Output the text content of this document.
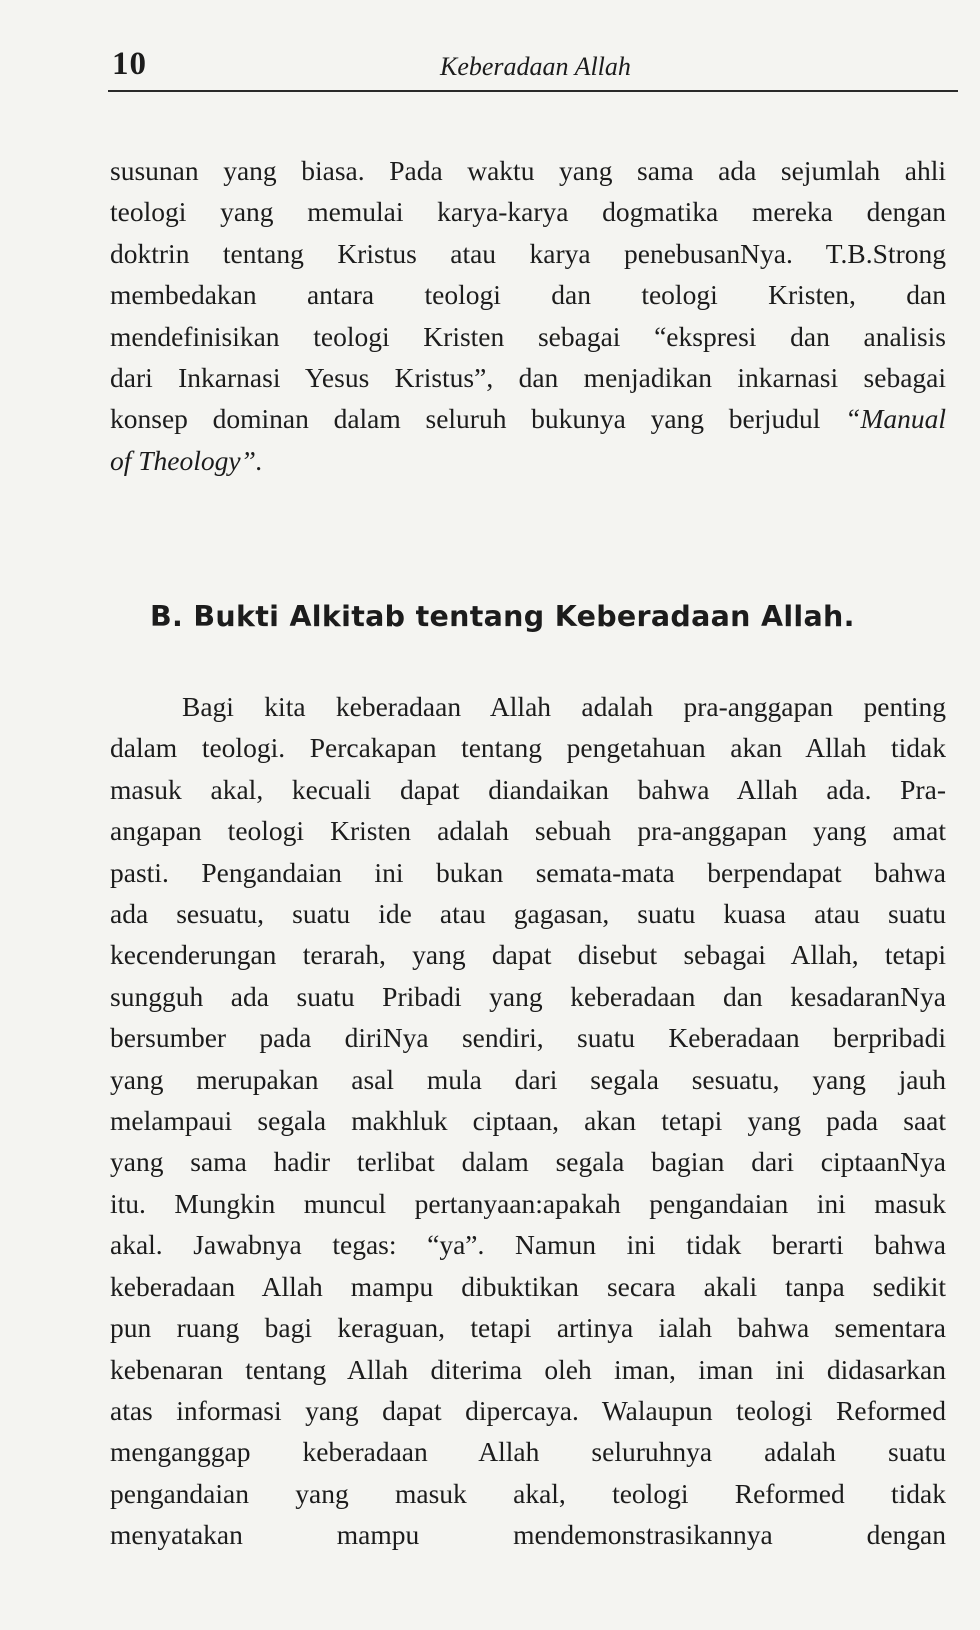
10	Keberadaan Allah
susunan yang biasa. Pada waktu yang sama ada sejumlah ahli
teologi yang memulai karya-karya dogmatika mereka dengan
doktrin tentang Kristus atau karya penebusanNya. T.B.Strong
membedakan antara teologi dan teologi Kristen, dan
mendefinisikan teologi Kristen sebagai “ekspresi dan analisis
dari Inkarnasi Yesus Kristus”, dan menjadikan inkarnasi sebagai
konsep dominan dalam seluruh bukunya yang berjudul “Manual
of Theology”.
B. Bukti Alkitab tentang Keberadaan Allah.
Bagi kita keberadaan Allah adalah pra-anggapan penting
dalam teologi. Percakapan tentang pengetahuan akan Allah tidak
masuk akal, kecuali dapat diandaikan bahwa Allah ada. Pra-
angapan teologi Kristen adalah sebuah pra-anggapan yang amat
pasti. Pengandaian ini bukan semata-mata berpendapat bahwa
ada sesuatu, suatu ide atau gagasan, suatu kuasa atau suatu
kecenderungan terarah, yang dapat disebut sebagai Allah, tetapi
sungguh ada suatu Pribadi yang keberadaan dan kesadaranNya
bersumber pada diriNya sendiri, suatu Keberadaan berpribadi
yang merupakan asal mula dari segala sesuatu, yang jauh
melampaui segala makhluk ciptaan, akan tetapi yang pada saat
yang sama hadir terlibat dalam segala bagian dari ciptaanNya
itu. Mungkin muncul pertanyaan:apakah pengandaian ini masuk
akal. Jawabnya tegas: “ya”. Namun ini tidak berarti bahwa
keberadaan Allah mampu dibuktikan secara akali tanpa sedikit
pun ruang bagi keraguan, tetapi artinya ialah bahwa sementara
kebenaran tentang Allah diterima oleh iman, iman ini didasarkan
atas informasi yang dapat dipercaya. Walaupun teologi Reformed
menganggap keberadaan Allah seluruhnya adalah suatu
pengandaian yang masuk akal, teologi Reformed tidak
menyatakan mampu mendemonstrasikannya dengan
